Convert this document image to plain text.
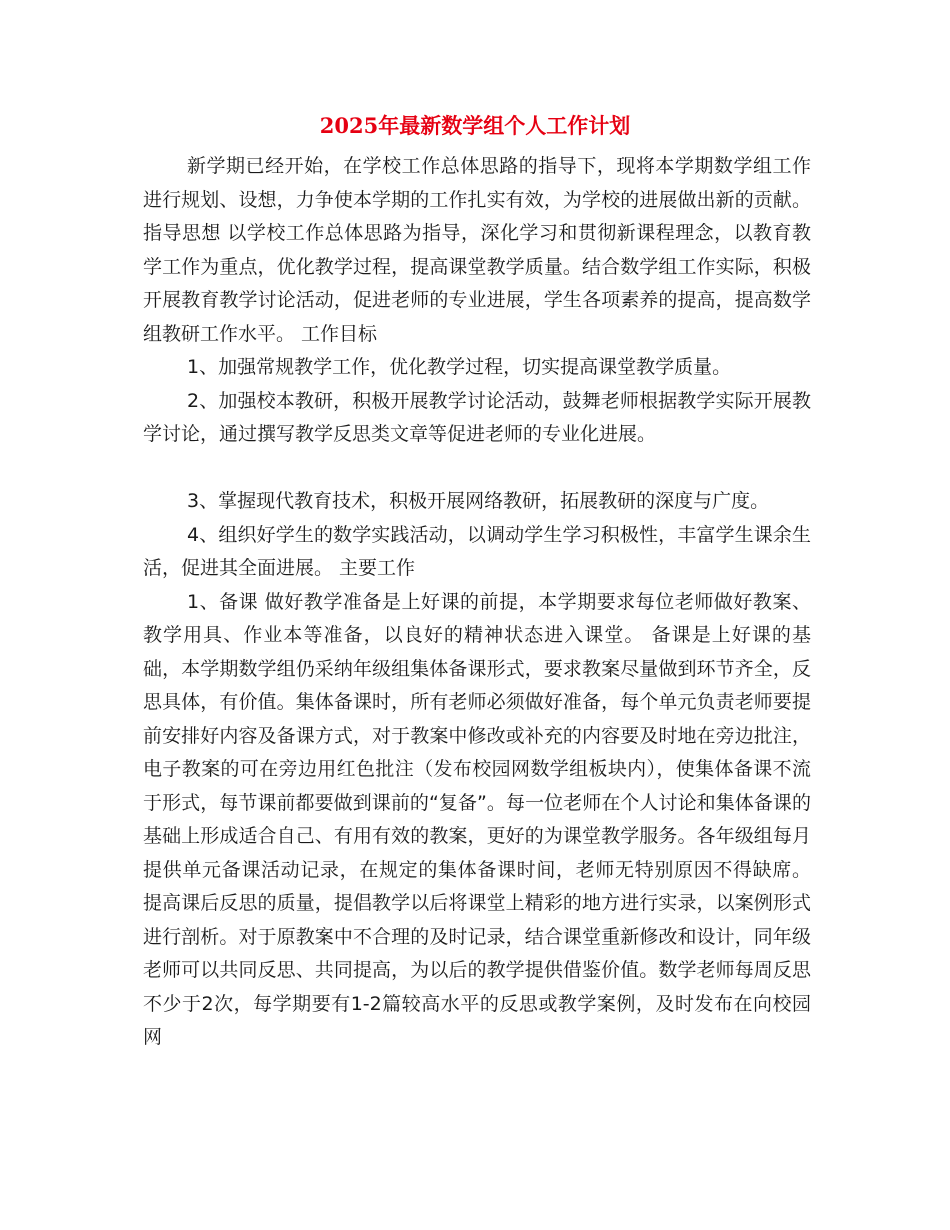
2025年最新数学组个人工作计划

新学期已经开始，在学校工作总体思路的指导下，现将本学期数学组工作进行规划、设想，力争使本学期的工作扎实有效，为学校的进展做出新的贡献。 指导思想 以学校工作总体思路为指导，深化学习和贯彻新课程理念，以教育教学工作为重点，优化教学过程，提高课堂教学质量。结合数学组工作实际，积极开展教育教学讨论活动，促进老师的专业进展，学生各项素养的提高，提高数学组教研工作水平。 工作目标

1、加强常规教学工作，优化教学过程，切实提高课堂教学质量。

2、加强校本教研，积极开展教学讨论活动，鼓舞老师根据教学实际开展教学讨论，通过撰写教学反思类文章等促进老师的专业化进展。

3、掌握现代教育技术，积极开展网络教研，拓展教研的深度与广度。

4、组织好学生的数学实践活动，以调动学生学习积极性，丰富学生课余生活，促进其全面进展。 主要工作

1、备课 做好教学准备是上好课的前提，本学期要求每位老师做好教案、教学用具、作业本等准备，以良好的精神状态进入课堂。 备课是上好课的基础，本学期数学组仍采纳年级组集体备课形式，要求教案尽量做到环节齐全，反思具体，有价值。集体备课时，所有老师必须做好准备，每个单元负责老师要提前安排好内容及备课方式，对于教案中修改或补充的内容要及时地在旁边批注，电子教案的可在旁边用红色批注（发布校园网数学组板块内），使集体备课不流于形式，每节课前都要做到课前的“复备”。每一位老师在个人讨论和集体备课的基础上形成适合自己、有用有效的教案，更好的为课堂教学服务。各年级组每月提供单元备课活动记录，在规定的集体备课时间，老师无特别原因不得缺席。 提高课后反思的质量，提倡教学以后将课堂上精彩的地方进行实录，以案例形式进行剖析。对于原教案中不合理的及时记录，结合课堂重新修改和设计，同年级老师可以共同反思、共同提高，为以后的教学提供借鉴价值。数学老师每周反思不少于2次，每学期要有1-2篇较高水平的反思或教学案例，及时发布在向校园网
